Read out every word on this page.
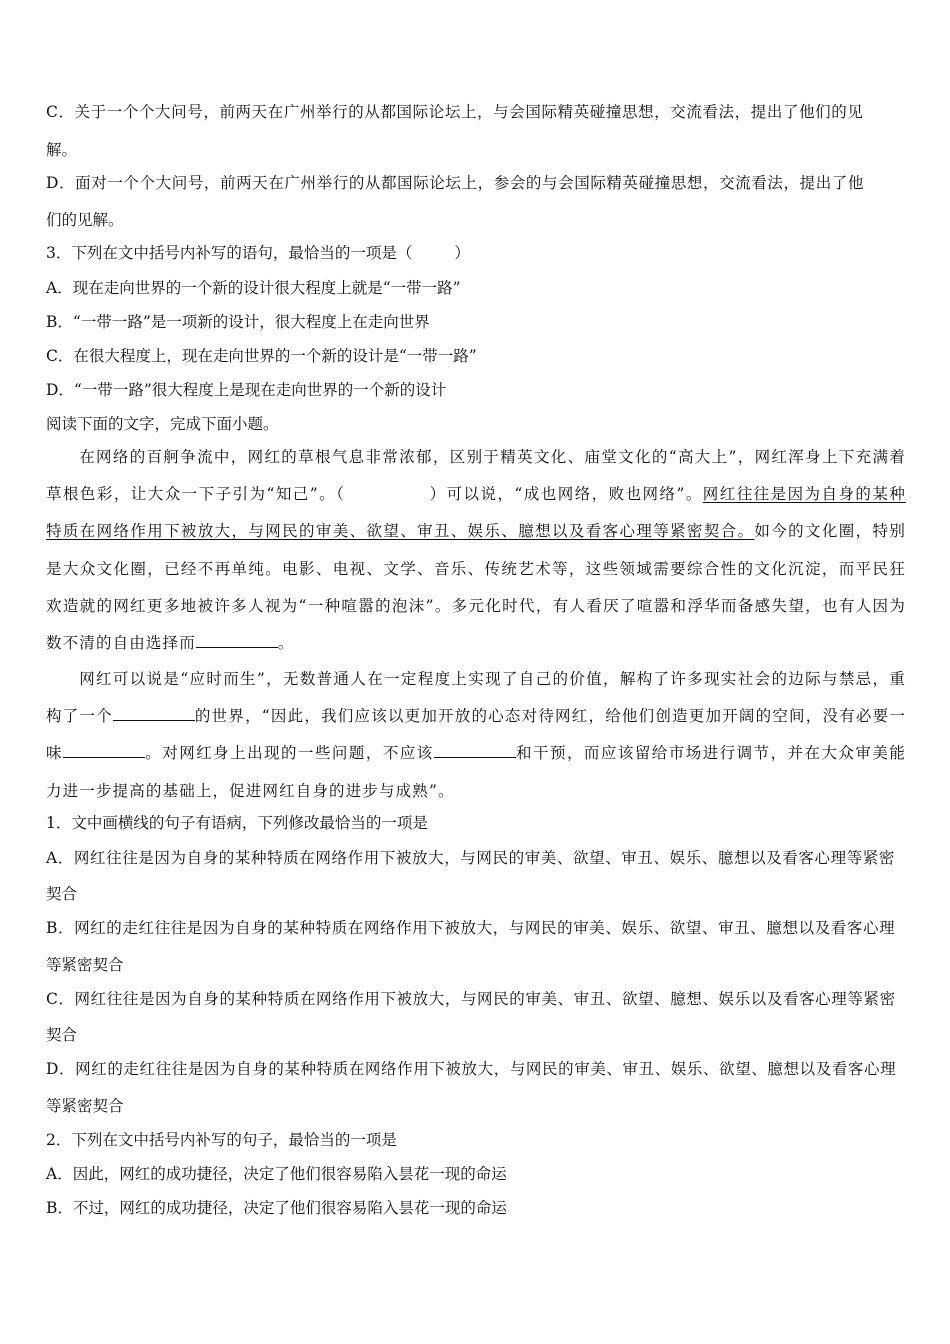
C．关于一个个大问号，前两天在广州举行的从都国际论坛上，与会国际精英碰撞思想，交流看法，提出了他们的见
解。
D．面对一个个大问号，前两天在广州举行的从都国际论坛上，参会的与会国际精英碰撞思想，交流看法，提出了他
们的见解。
3．下列在文中括号内补写的语句，最恰当的一项是（	）
A．现在走向世界的一个新的设计很大程度上就是“一带一路”
B．“一带一路”是一项新的设计，很大程度上在走向世界
C．在很大程度上，现在走向世界的一个新的设计是“一带一路”
D．“一带一路”很大程度上是现在走向世界的一个新的设计
阅读下面的文字，完成下面小题。
在网络的百舸争流中，网红的草根气息非常浓郁，区别于精英文化、庙堂文化的“高大上”，网红浑身上下充满着草根色彩，让大众一下子引为“知己”。（	）可以说，“成也网络，败也网络”。网红往往是因为自身的某种特质在网络作用下被放大，与网民的审美、欲望、审丑、娱乐、臆想以及看客心理等紧密契合。如今的文化圈，特别是大众文化圈，已经不再单纯。电影、电视、文学、音乐、传统艺术等，这些领域需要综合性的文化沉淀，而平民狂欢造就的网红更多地被许多人视为“一种喧嚣的泡沫”。多元化时代，有人看厌了喧嚣和浮华而备感失望，也有人因为数不清的自由选择而	。
网红可以说是“应时而生”，无数普通人在一定程度上实现了自己的价值，解构了许多现实社会的边际与禁忌，重构了一个	的世界，“因此，我们应该以更加开放的心态对待网红，给他们创造更加开阔的空间，没有必要一味	。对网红身上出现的一些问题，不应该	和干预，而应该留给市场进行调节，并在大众审美能力进一步提高的基础上，促进网红自身的进步与成熟”。
1．文中画横线的句子有语病，下列修改最恰当的一项是
A．网红往往是因为自身的某种特质在网络作用下被放大，与网民的审美、欲望、审丑、娱乐、臆想以及看客心理等紧密
契合
B．网红的走红往往是因为自身的某种特质在网络作用下被放大，与网民的审美、娱乐、欲望、审丑、臆想以及看客心理
等紧密契合
C．网红往往是因为自身的某种特质在网络作用下被放大，与网民的审美、审丑、欲望、臆想、娱乐以及看客心理等紧密
契合
D．网红的走红往往是因为自身的某种特质在网络作用下被放大，与网民的审美、审丑、娱乐、欲望、臆想以及看客心理
等紧密契合
2．下列在文中括号内补写的句子，最恰当的一项是
A．因此，网红的成功捷径，决定了他们很容易陷入昙花一现的命运
B．不过，网红的成功捷径，决定了他们很容易陷入昙花一现的命运
